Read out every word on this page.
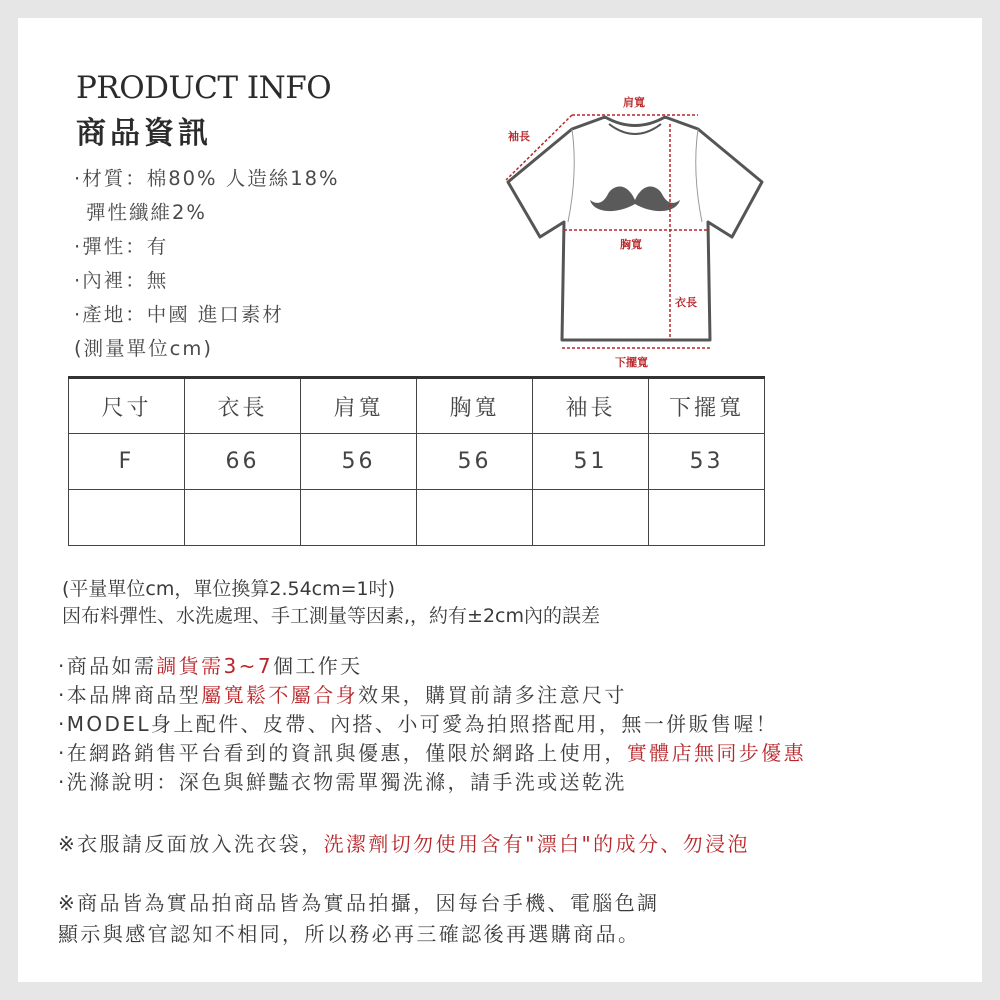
PRODUCT INFO
商品資訊
·材質：棉80% 人造絲18%
彈性纖維2%
·彈性：有
·內裡：無
·產地：中國 進口素材
(測量單位cm)
肩寬
袖長
胸寬
衣長
下擺寬
尺寸	衣長	肩寬	胸寬	袖長	下擺寬
F	66	56	56	51	53

(平量單位cm，單位換算2.54cm=1吋)
因布料彈性、水洗處理、手工測量等因素,，約有±2cm內的誤差
·商品如需調貨需3~7個工作天
·本品牌商品型屬寬鬆不屬合身效果，購買前請多注意尺寸
·MODEL身上配件、皮帶、內搭、小可愛為拍照搭配用，無一併販售喔！
·在網路銷售平台看到的資訊與優惠，僅限於網路上使用，實體店無同步優惠
·洗滌說明：深色與鮮豔衣物需單獨洗滌，請手洗或送乾洗
※衣服請反面放入洗衣袋，洗潔劑切勿使用含有"漂白"的成分、勿浸泡
※商品皆為實品拍商品皆為實品拍攝，因每台手機、電腦色調
顯示與感官認知不相同，所以務必再三確認後再選購商品。
